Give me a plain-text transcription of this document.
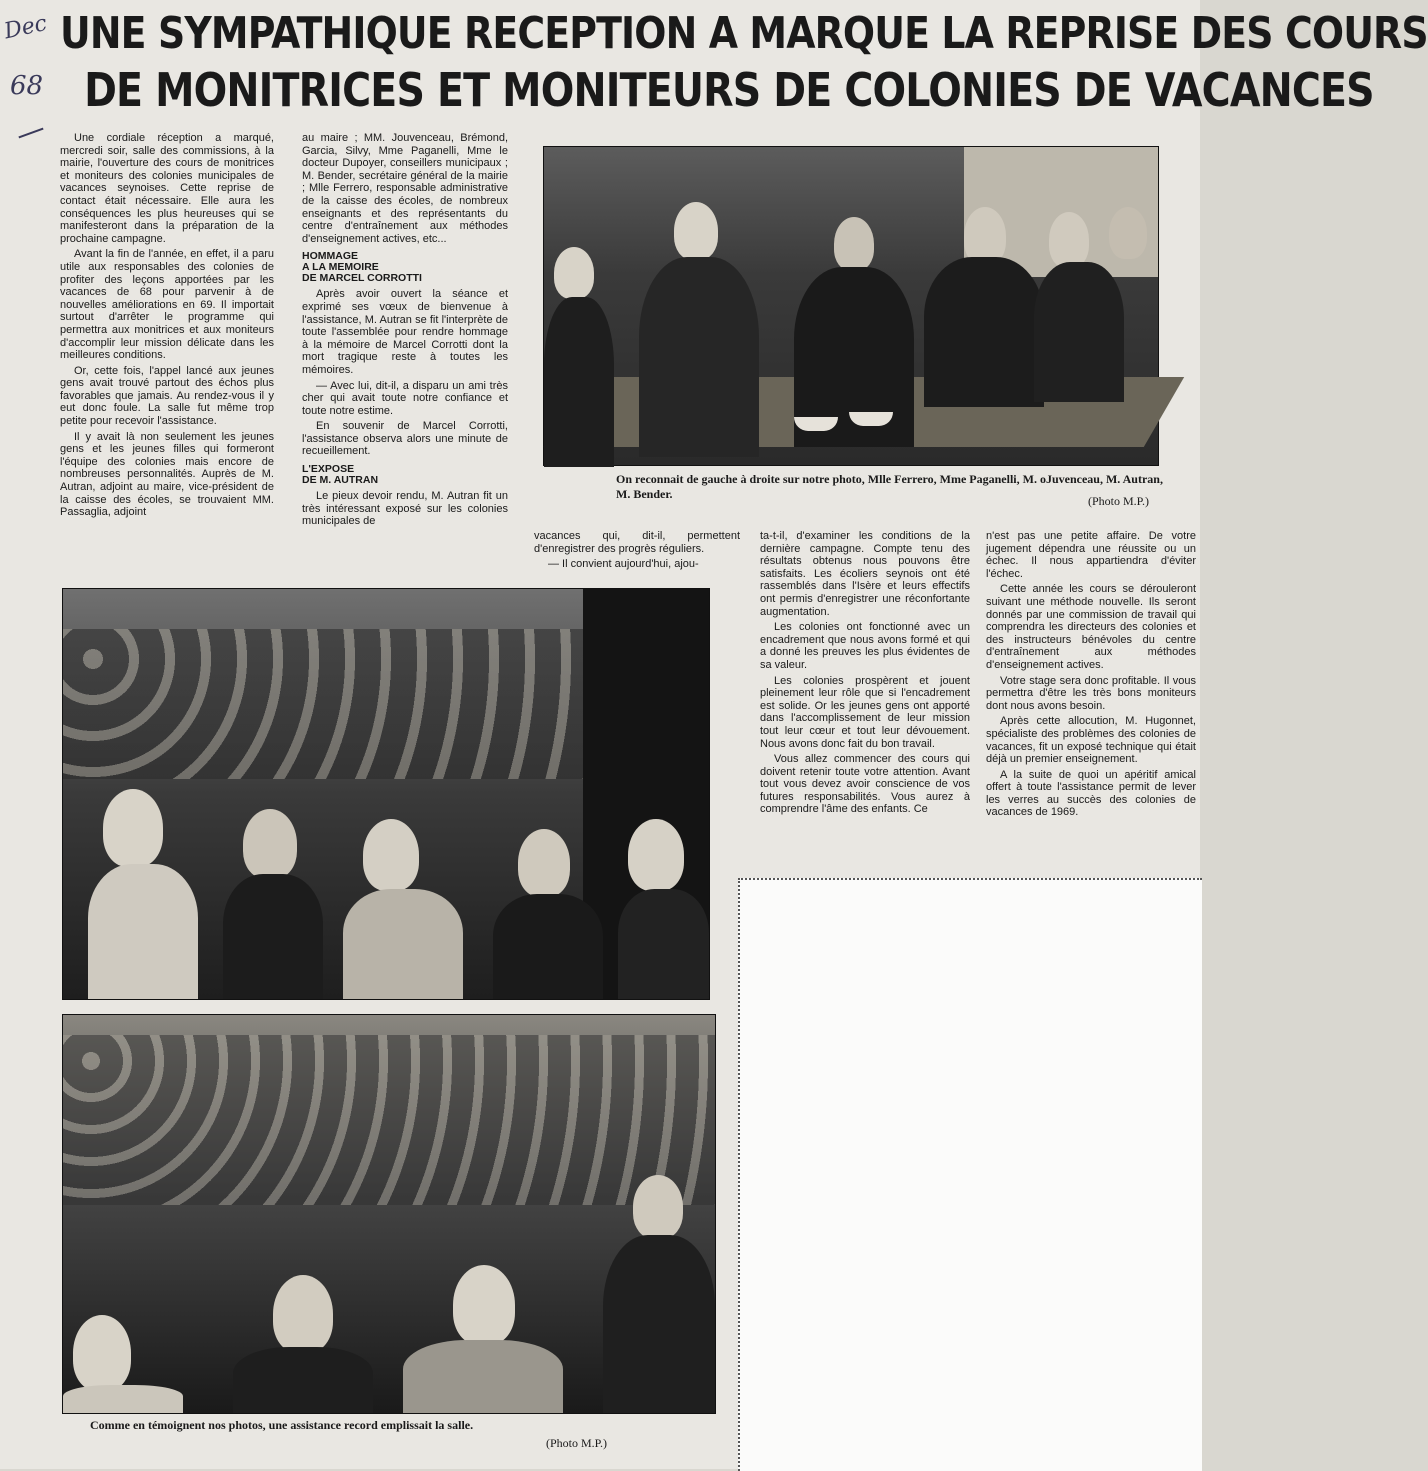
Dec
68
UNE SYMPATHIQUE RECEPTION A MARQUE LA REPRISE DES COURS
DE MONITRICES ET MONITEURS DE COLONIES DE VACANCES

Une cordiale réception a marqué, mercredi soir, salle des commissions, à la mairie, l'ouverture des cours de monitrices et moniteurs des colonies municipales de vacances seynoises. Cette reprise de contact était nécessaire. Elle aura les conséquences les plus heureuses qui se manifesteront dans la préparation de la prochaine campagne.

Avant la fin de l'année, en effet, il a paru utile aux responsables des colonies de profiter des leçons apportées par les vacances de 68 pour parvenir à de nouvelles améliorations en 69. Il importait surtout d'arrêter le programme qui permettra aux monitrices et aux moniteurs d'accomplir leur mission délicate dans les meilleures conditions.

Or, cette fois, l'appel lancé aux jeunes gens avait trouvé partout des échos plus favorables que jamais. Au rendez-vous il y eut donc foule. La salle fut même trop petite pour recevoir l'assistance.

Il y avait là non seulement les jeunes gens et les jeunes filles qui formeront l'équipe des colonies mais encore de nombreuses personnalités. Auprès de M. Autran, adjoint au maire, vice-président de la caisse des écoles, se trouvaient MM. Passaglia, adjoint

au maire ; MM. Jouvenceau, Brémond, Garcia, Silvy, Mme Paganelli, Mme le docteur Dupoyer, conseillers municipaux ; M. Bender, secrétaire général de la mairie ; Mlle Ferrero, responsable administrative de la caisse des écoles, de nombreux enseignants et des représentants du centre d'entraînement aux méthodes d'enseignement actives, etc...

HOMMAGE
A LA MEMOIRE
DE MARCEL CORROTTI

Après avoir ouvert la séance et exprimé ses vœux de bienvenue à l'assistance, M. Autran se fit l'interprète de toute l'assemblée pour rendre hommage à la mémoire de Marcel Corrotti dont la mort tragique reste à toutes les mémoires.

— Avec lui, dit-il, a disparu un ami très cher qui avait toute notre confiance et toute notre estime.

En souvenir de Marcel Corrotti, l'assistance observa alors une minute de recueillement.

L'EXPOSE
DE M. AUTRAN

Le pieux devoir rendu, M. Autran fit un très intéressant exposé sur les colonies municipales de

vacances qui, dit-il, permettent d'enregistrer des progrès réguliers.

— Il convient aujourd'hui, ajou-

ta-t-il, d'examiner les conditions de la dernière campagne. Compte tenu des résultats obtenus nous pouvons être satisfaits. Les écoliers seynois ont été rassemblés dans l'Isère et leurs effectifs ont permis d'enregistrer une réconfortante augmentation.

Les colonies ont fonctionné avec un encadrement que nous avons formé et qui a donné les preuves les plus évidentes de sa valeur.

Les colonies prospèrent et jouent pleinement leur rôle que si l'encadrement est solide. Or les jeunes gens ont apporté dans l'accomplissement de leur mission tout leur cœur et tout leur dévouement. Nous avons donc fait du bon travail.

Vous allez commencer des cours qui doivent retenir toute votre attention. Avant tout vous devez avoir conscience de vos futures responsabilités. Vous aurez à comprendre l'âme des enfants. Ce

n'est pas une petite affaire. De votre jugement dépendra une réussite ou un échec. Il nous appartiendra d'éviter l'échec.

Cette année les cours se dérouleront suivant une méthode nouvelle. Ils seront donnés par une commission de travail qui comprendra les directeurs des colonies et des instructeurs bénévoles du centre d'entraînement aux méthodes d'enseignement actives.

Votre stage sera donc profitable. Il vous permettra d'être les très bons moniteurs dont nous avons besoin.

Après cette allocution, M. Hugonnet, spécialiste des problèmes des colonies de vacances, fit un exposé technique qui était déjà un premier enseignement.

A la suite de quoi un apéritif amical offert à toute l'assistance permit de lever les verres au succès des colonies de vacances de 1969.

On reconnait de gauche à droite sur notre photo, Mlle Ferrero, Mme Paganelli, M. oJuvenceau, M. Autran, M. Bender.	(Photo M.P.)
Comme en témoignent nos photos, une assistance record emplissait la salle.
(Photo M.P.)
